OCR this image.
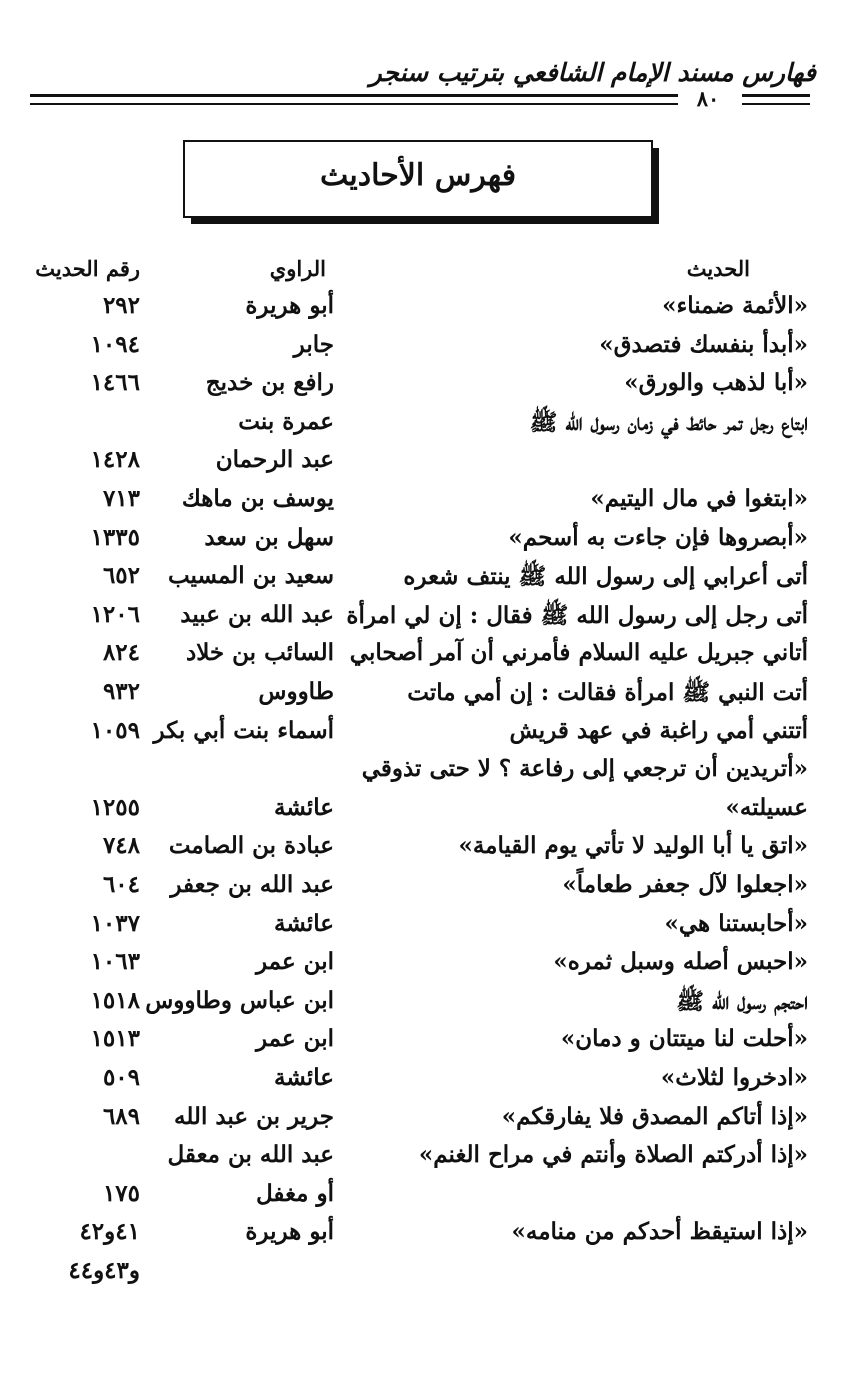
فهارس مسند الإمام الشافعي بترتيب سنجر
٨٠
فهرس الأحاديث
الحديث
الراوي
رقم الحديث
«الأئمة ضمناء»
أبو هريرة
٢٩٢
«أبدأ بنفسك فتصدق»
جابر
١٠٩٤
«أبا لذهب والورق»
رافع بن خديج
١٤٦٦
ابتاع رجل تمر حائط في زمان رسول الله ﷺ
عمرة بنت
عبد الرحمان
١٤٢٨
«ابتغوا في مال اليتيم»
يوسف بن ماهك
٧١٣
«أبصروها فإن جاءت به أسحم»
سهل بن سعد
١٣٣٥
أتى أعرابي إلى رسول الله ﷺ ينتف شعره
سعيد بن المسيب
٦٥٢
أتى رجل إلى رسول الله ﷺ فقال : إن لي امرأة
عبد الله بن عبيد
١٢٠٦
أتاني جبريل عليه السلام فأمرني أن آمر أصحابي
السائب بن خلاد
٨٢٤
أتت النبي ﷺ امرأة فقالت : إن أمي ماتت
طاووس
٩٣٢
أتتني أمي راغبة في عهد قريش
أسماء بنت أبي بكر
١٠٥٩
«أتريدين أن ترجعي إلى رفاعة ؟ لا حتى تذوقي
عسيلته»
عائشة
١٢٥٥
«اتق يا أبا الوليد لا تأتي يوم القيامة»
عبادة بن الصامت
٧٤٨
«اجعلوا لآل جعفر طعاماً»
عبد الله بن جعفر
٦٠٤
«أحابستنا هي»
عائشة
١٠٣٧
«احبس أصله وسبل ثمره»
ابن عمر
١٠٦٣
احتجم رسول الله ﷺ
ابن عباس وطاووس
١٥١٨
«أحلت لنا ميتتان و دمان»
ابن عمر
١٥١٣
«ادخروا لثلاث»
عائشة
٥٠٩
«إذا أتاكم المصدق فلا يفارقكم»
جرير بن عبد الله
٦٨٩
«إذا أدركتم الصلاة وأنتم في مراح الغنم»
عبد الله بن معقل
أو مغفل
١٧٥
«إذا استيقظ أحدكم من منامه»
أبو هريرة
٤١و٤٢
و٤٣و٤٤
